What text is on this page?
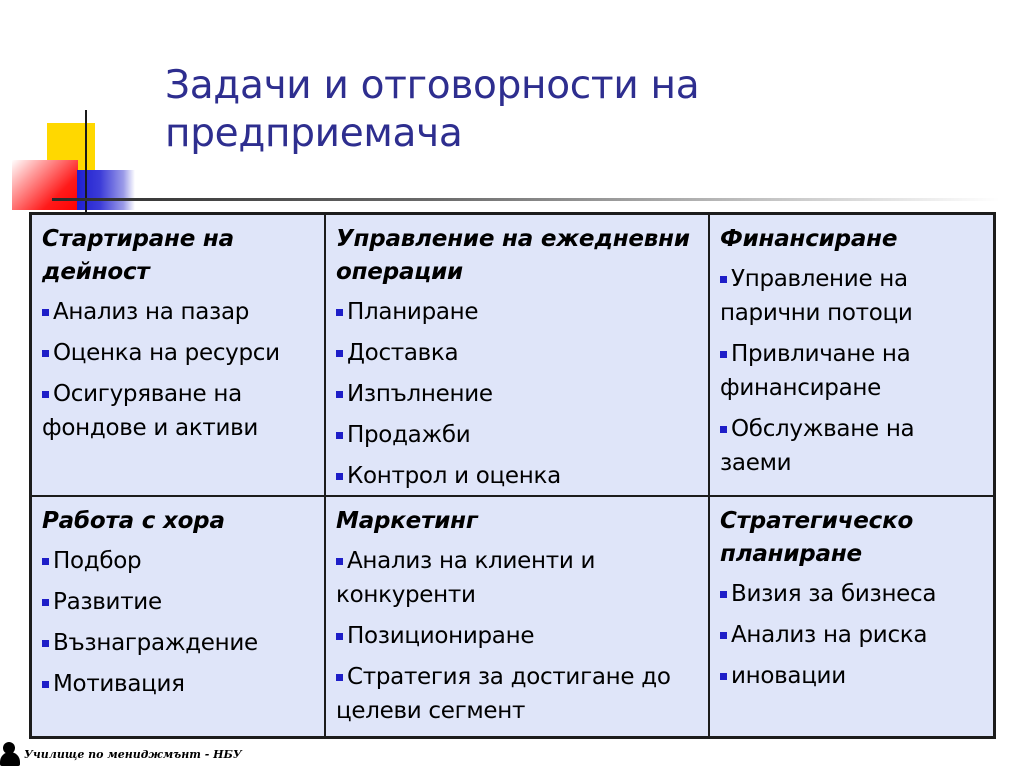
Задачи и отговорности на предприемача
Стартиране на дейност
Анализ на пазар
Оценка на ресурси
Осигуряване на фондове и активи
Управление на ежедневни операции
Планиране
Доставка
Изпълнение
Продажби
Контрол и оценка
Финансиране
Управление на парични потоци
Привличане на финансиране
Обслужване на заеми
Работа с хора
Подбор
Развитие
Възнаграждение
Мотивация
Маркетинг
Анализ на клиенти и конкуренти
Позициониране
Стратегия за достигане до целеви сегмент
Стратегическо планиране
Визия за бизнеса
Анализ на риска
иновации
Училище по мениджмънт - НБУ
